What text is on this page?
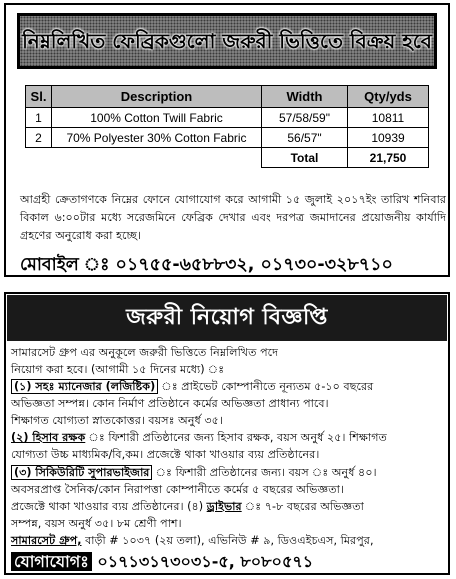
নিম্নলিখিত ফেব্রিকগুলো জরুরী ভিত্তিতে বিক্রয় হবে
Sl.	Description	Width	Qty/yds
1	100% Cotton Twill Fabric	57/58/59"	10811
2	70% Polyester 30% Cotton Fabric	56/57"	10939
		Total	21,750
আগ্রহী ক্রেতাগণকে নিম্নের ফোনে যোগাযোগ করে আগামী ১৫ জুলাই ২০১৭ইং তারিখ শনিবার বিকাল ৬:০০টার মধ্যে সরেজমিনে ফেব্রিক দেখার এবং দরপত্র জমাদানের প্রয়োজনীয় কার্যাদি গ্রহণের অনুরোধ করা হচ্ছে।
মোবাইল ঃ ০১৭৫৫-৬৫৮৮৩২, ০১৭৩০-৩২৮৭১০
জরুরী নিয়োগ বিজ্ঞপ্তি
সামারসেট গ্রুপ এর অনুকূলে জরুরী ভিত্তিতে নিম্নলিখিত পদে
নিয়োগ করা হবে। (আগামী ১৫ দিনের মধ্যে) ঃ
(১) সহঃ ম্যানেজার (লজিষ্টিক) ঃ প্রাইভেট কোম্পানীতে নূন্যতম ৫-১০ বছরের
অভিজ্ঞতা সম্পন্ন। কোন নির্মাণ প্রতিষ্ঠানে কর্মের অভিজ্ঞতা প্রাধান্য পাবে।
শিক্ষাগত যোগ্যতা স্নাতকোত্তর। বয়সঃ অনুর্ধ ৩৫।
(২) হিসাব রক্ষক ঃ ফিশারী প্রতিষ্ঠানের জন্য হিসাব রক্ষক, বয়স অনুর্ধ ২৫। শিক্ষাগত
যোগ্যতা উচ্চ মাধ্যমিক/বি,কম। প্রজেক্টে থাকা খাওয়ার ব্যয় প্রতিষ্ঠানের।
(৩) সিকিউরিটি সুপারভাইজার ঃ ফিশারী প্রতিষ্ঠানের জন্য। বয়স ঃ অনুর্ধ ৪০।
অবসরপ্রাপ্ত সৈনিক/কোন নিরাপত্তা কোম্পানীতে কর্মের ৫ বছরের অভিজ্ঞতা।
প্রজেক্টে থাকা খাওয়ার ব্যয় প্রতিষ্ঠানের। (৪) ড্রাইভার ঃ ৭-৮ বছরের অভিজ্ঞতা
সম্পন্ন, বয়স অনুর্ধ ৩৫। ৮ম শ্রেণী পাশ।
সামারসেট গ্রুপ, বাড়ী # ১০৩৭ (২য় তলা), এভিনিউ # ৯, ডিওএইচএস, মিরপুর,
যোগাযোগঃ ০১৭১৩১৭৩০৩১-৫, ৮০৮০৫৭১
